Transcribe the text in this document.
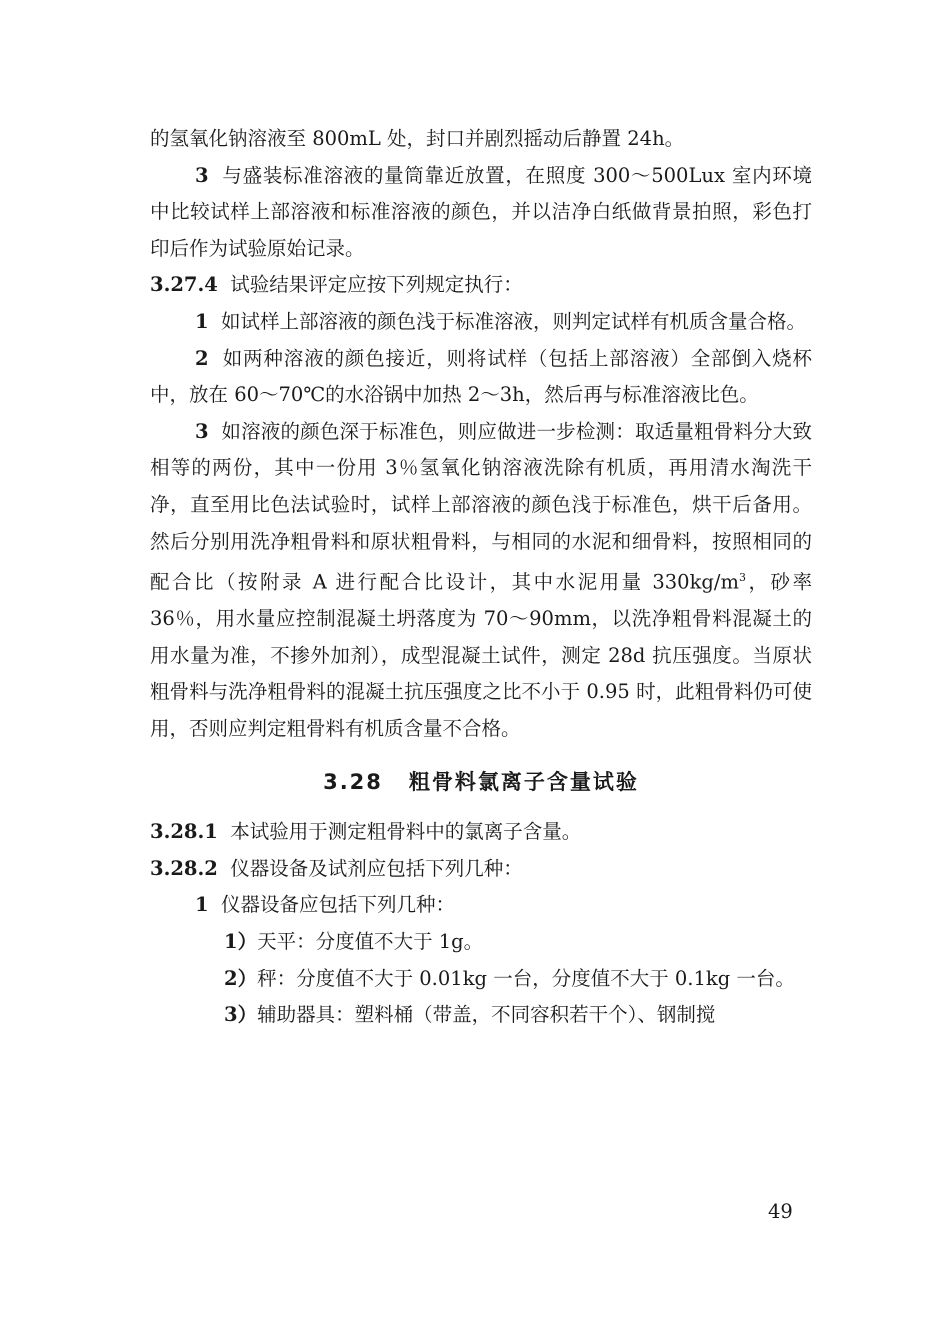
的氢氧化钠溶液至 800mL 处，封口并剧烈摇动后静置 24h。

3 与盛装标准溶液的量筒靠近放置，在照度 300～500Lux 室内环境中比较试样上部溶液和标准溶液的颜色，并以洁净白纸做背景拍照，彩色打印后作为试验原始记录。

3.27.4 试验结果评定应按下列规定执行：

1 如试样上部溶液的颜色浅于标准溶液，则判定试样有机质含量合格。

2 如两种溶液的颜色接近，则将试样（包括上部溶液）全部倒入烧杯中，放在 60～70℃的水浴锅中加热 2～3h，然后再与标准溶液比色。

3 如溶液的颜色深于标准色，则应做进一步检测：取适量粗骨料分大致相等的两份，其中一份用 3％氢氧化钠溶液洗除有机质，再用清水淘洗干净，直至用比色法试验时，试样上部溶液的颜色浅于标准色，烘干后备用。然后分别用洗净粗骨料和原状粗骨料，与相同的水泥和细骨料，按照相同的配合比（按附录 A 进行配合比设计，其中水泥用量 $330kg/m^3$，砂率 36％，用水量应控制混凝土坍落度为 70～90mm，以洗净粗骨料混凝土的用水量为准，不掺外加剂），成型混凝土试件，测定 28d 抗压强度。当原状粗骨料与洗净粗骨料的混凝土抗压强度之比不小于 0.95 时，此粗骨料仍可使用，否则应判定粗骨料有机质含量不合格。

3.28 粗骨料氯离子含量试验

3.28.1 本试验用于测定粗骨料中的氯离子含量。

3.28.2 仪器设备及试剂应包括下列几种：

1 仪器设备应包括下列几种：

1）天平：分度值不大于 1g。

2）秤：分度值不大于 0.01kg 一台，分度值不大于 0.1kg 一台。

3）辅助器具：塑料桶（带盖，不同容积若干个）、钢制搅

49
